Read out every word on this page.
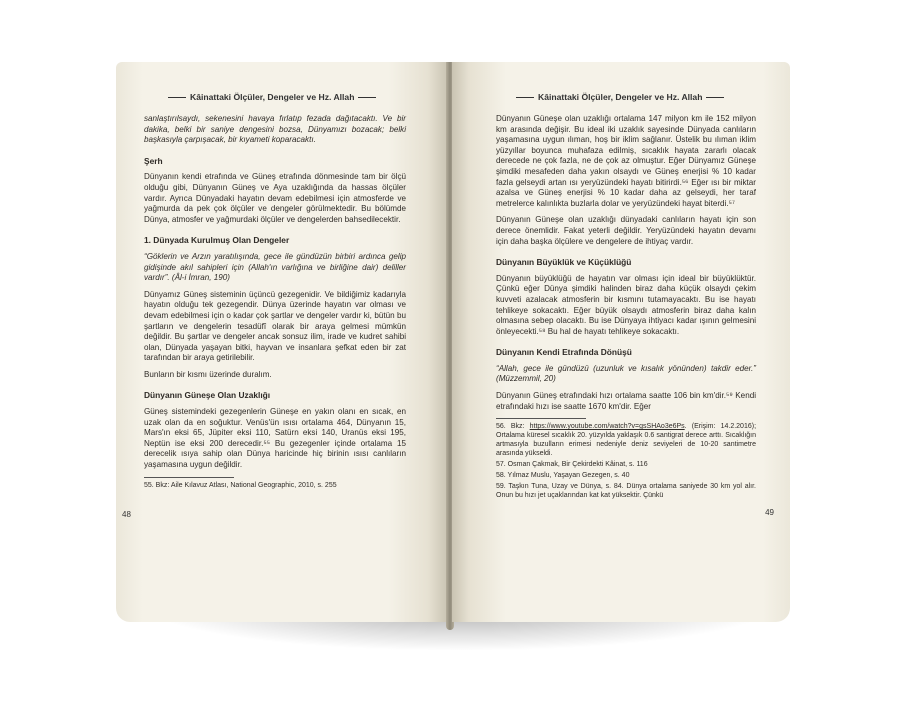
Kâinattaki Ölçüler, Dengeler ve Hz. Allah

sanlaştırılsaydı, sekenesini havaya fırlatıp fezada dağıtacaktı. Ve bir dakika, belki bir saniye dengesini bozsa, Dünyamızı bozacak; belki başkasıyla çarpışacak, bir kıyameti koparacaktı.

Şerh

Dünyanın kendi etrafında ve Güneş etrafında dönmesinde tam bir ölçü olduğu gibi, Dünyanın Güneş ve Aya uzaklığında da hassas ölçüler vardır. Ayrıca Dünyadaki hayatın devam edebilmesi için atmosferde ve yağmurda da pek çok ölçüler ve dengeler görülmektedir. Bu bölümde Dünya, atmosfer ve yağmurdaki ölçüler ve dengelerden bahsedilecektir.

1. Dünyada Kurulmuş Olan Dengeler

“Göklerin ve Arzın yaratılışında, gece ile gündüzün birbiri ardınca gelip gidişinde akıl sahipleri için (Allah'ın varlığına ve birliğine dair) deliller vardır”. (Âl-i İmran, 190)

Dünyamız Güneş sisteminin üçüncü gezegenidir. Ve bildiğimiz kadarıyla hayatın olduğu tek gezegendir. Dünya üzerinde hayatın var olması ve devam edebilmesi için o kadar çok şartlar ve dengeler vardır ki, bütün bu şartların ve dengelerin tesadüfî olarak bir araya gelmesi mümkün değildir. Bu şartlar ve dengeler ancak sonsuz ilim, irade ve kudret sahibi olan, Dünyada yaşayan bitki, hayvan ve insanlara şefkat eden bir zat tarafından bir araya getirilebilir.

Bunların bir kısmı üzerinde duralım.

Dünyanın Güneşe Olan Uzaklığı

Güneş sistemindeki gezegenlerin Güneşe en yakın olanı en sıcak, en uzak olan da en soğuktur. Venüs'ün ısısı ortalama 464, Dünyanın 15, Mars'ın eksi 65, Jüpiter eksi 110, Satürn eksi 140, Uranüs eksi 195, Neptün ise eksi 200 derecedir.⁵⁵ Bu gezegenler içinde ortalama 15 derecelik ısıya sahip olan Dünya haricinde hiç birinin ısısı canlıların yaşamasına uygun değildir.

55. Bkz: Aile Kılavuz Atlası, National Geographic, 2010, s. 255
48
Kâinattaki Ölçüler, Dengeler ve Hz. Allah

Dünyanın Güneşe olan uzaklığı ortalama 147 milyon km ile 152 milyon km arasında değişir. Bu ideal iki uzaklık sayesinde Dünyada canlıların yaşamasına uygun ılıman, hoş bir iklim sağlanır. Üstelik bu ılıman iklim yüzyıllar boyunca muhafaza edilmiş, sıcaklık hayata zararlı olacak derecede ne çok fazla, ne de çok az olmuştur. Eğer Dünyamız Güneşe şimdiki mesafeden daha yakın olsaydı ve Güneş enerjisi % 10 kadar fazla gelseydi artan ısı yeryüzündeki hayatı bitirirdi.⁵⁶ Eğer ısı bir miktar azalsa ve Güneş enerjisi % 10 kadar daha az gelseydi, her taraf metrelerce kalınlıkta buzlarla dolar ve yeryüzündeki hayat biterdi.⁵⁷

Dünyanın Güneşe olan uzaklığı dünyadaki canlıların hayatı için son derece önemlidir. Fakat yeterli değildir. Yeryüzündeki hayatın devamı için daha başka ölçülere ve dengelere de ihtiyaç vardır.

Dünyanın Büyüklük ve Küçüklüğü

Dünyanın büyüklüğü de hayatın var olması için ideal bir büyüklüktür. Çünkü eğer Dünya şimdiki halinden biraz daha küçük olsaydı çekim kuvveti azalacak atmosferin bir kısmını tutamayacaktı. Bu ise hayatı tehlikeye sokacaktı. Eğer büyük olsaydı atmosferin biraz daha kalın olmasına sebep olacaktı. Bu ise Dünyaya ihtiyacı kadar ışının gelmesini önleyecekti.⁵⁸ Bu hal de hayatı tehlikeye sokacaktı.

Dünyanın Kendi Etrafında Dönüşü

“Allah, gece ile gündüzü (uzunluk ve kısalık yönünden) takdir eder.” (Müzzemmil, 20)

Dünyanın Güneş etrafındaki hızı ortalama saatte 106 bin km'dir.⁵⁹ Kendi etrafındaki hızı ise saatte 1670 km'dir. Eğer

56. Bkz: https://www.youtube.com/watch?v=gsSHAo3e6Ps. (Erişim: 14.2.2016); Ortalama küresel sıcaklık 20. yüzyılda yaklaşık 0.6 santigrat derece arttı. Sıcaklığın artmasıyla buzulların erimesi nedeniyle deniz seviyeleri de 10-20 santimetre arasında yükseldi.
57. Osman Çakmak, Bir Çekirdekti Kâinat, s. 116
58. Yılmaz Muslu, Yaşayan Gezegen, s. 40
59. Taşkın Tuna, Uzay ve Dünya, s. 84. Dünya ortalama saniyede 30 km yol alır. Onun bu hızı jet uçaklarından kat kat yüksektir. Çünkü
49
